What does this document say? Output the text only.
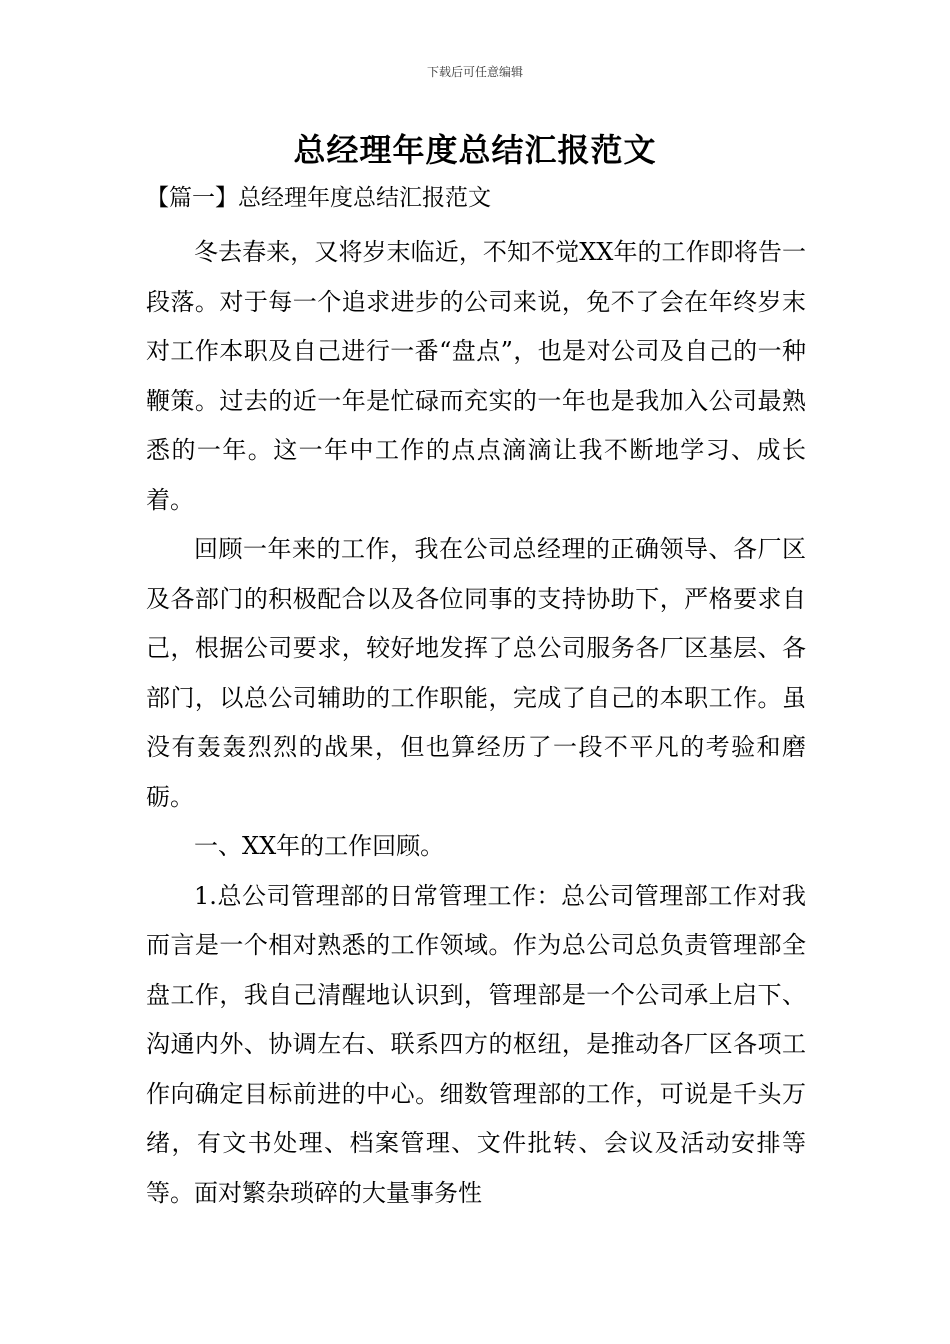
下载后可任意编辑
总经理年度总结汇报范文
【篇一】总经理年度总结汇报范文

冬去春来，又将岁末临近，不知不觉XX年的工作即将告一段落。对于每一个追求进步的公司来说，免不了会在年终岁末对工作本职及自己进行一番“盘点”，也是对公司及自己的一种鞭策。过去的近一年是忙碌而充实的一年也是我加入公司最熟悉的一年。这一年中工作的点点滴滴让我不断地学习、成长着。

回顾一年来的工作，我在公司总经理的正确领导、各厂区及各部门的积极配合以及各位同事的支持协助下，严格要求自己，根据公司要求，较好地发挥了总公司服务各厂区基层、各部门，以总公司辅助的工作职能，完成了自己的本职工作。虽没有轰轰烈烈的战果，但也算经历了一段不平凡的考验和磨砺。

一、XX年的工作回顾。

1.总公司管理部的日常管理工作：总公司管理部工作对我而言是一个相对熟悉的工作领域。作为总公司总负责管理部全盘工作，我自己清醒地认识到，管理部是一个公司承上启下、沟通内外、协调左右、联系四方的枢纽，是推动各厂区各项工作向确定目标前进的中心。细数管理部的工作，可说是千头万绪，有文书处理、档案管理、文件批转、会议及活动安排等等。面对繁杂琐碎的大量事务性
